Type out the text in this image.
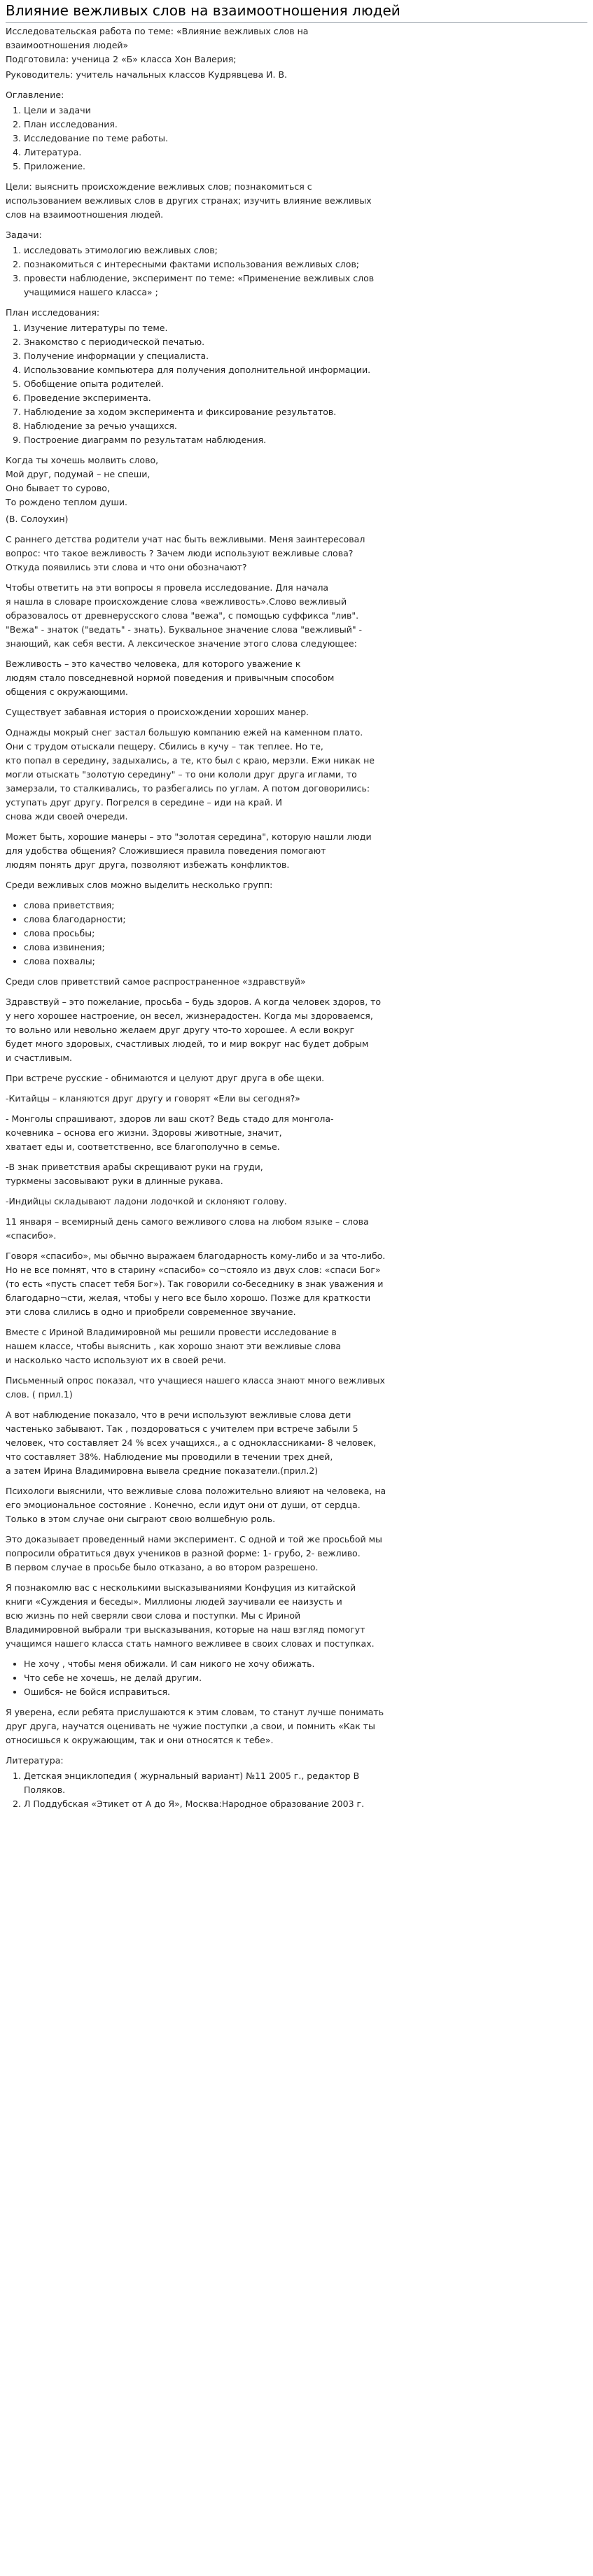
Влияние вежливых слов на взаимоотношения людей
Исследовательская работа по теме: «Влияние вежливых слов на
взаимоотношения людей»
Подготовила: ученица 2 «Б» класса Хон Валерия;
Руководитель: учитель начальных классов Кудрявцева И. В.
Оглавление:
1. Цели и задачи
2. План исследования.
3. Исследование по теме работы.
4. Литература.
5. Приложение.
Цели: выяснить происхождение вежливых слов; познакомиться с
использованием вежливых слов в других странах; изучить влияние вежливых
слов на взаимоотношения людей.
Задачи:
1. исследовать этимологию вежливых слов;
2. познакомиться с интересными фактами использования вежливых слов;
3. провести наблюдение, эксперимент по теме: «Применение вежливых слов
учащимися нашего класса» ;
План исследования:
1. Изучение литературы по теме.
2. Знакомство с периодической печатью.
3. Получение информации у специалиста.
4. Использование компьютера для получения дополнительной информации.
5. Обобщение опыта родителей.
6. Проведение эксперимента.
7. Наблюдение за ходом эксперимента и фиксирование результатов.
8. Наблюдение за речью учащихся.
9. Построение диаграмм по результатам наблюдения.
Когда ты хочешь молвить слово,
Мой друг, подумай – не спеши,
Оно бывает то сурово,
То рождено теплом души.
(В. Солоухин)
С раннего детства родители учат нас быть вежливыми. Меня заинтересовал
вопрос: что такое вежливость ? Зачем люди используют вежливые слова?
Откуда появились эти слова и что они обозначают?
Чтобы ответить на эти вопросы я провела исследование. Для начала
я нашла в словаре происхождение слова «вежливость».Слово вежливый
образовалось от древнерусского слова "вежа", с помощью суффикса "лив".
"Вежа" - знаток ("ведать" - знать). Буквальное значение слова "вежливый" -
знающий, как себя вести. А лексическое значение этого слова следующее:
Вежливость – это качество человека, для которого уважение к
людям стало повседневной нормой поведения и привычным способом
общения с окружающими.
Существует забавная история о происхождении хороших манер.
Однажды мокрый снег застал большую компанию ежей на каменном плато.
Они с трудом отыскали пещеру. Сбились в кучу – так теплее. Но те,
кто попал в середину, задыхались, а те, кто был с краю, мерзли. Ежи никак не
могли отыскать "золотую середину" – то они кололи друг друга иглами, то
замерзали, то сталкивались, то разбегались по углам. А потом договорились:
уступать друг другу. Погрелся в середине – иди на край. И
снова жди своей очереди.
Может быть, хорошие манеры – это "золотая середина", которую нашли люди
для удобства общения? Сложившиеся правила поведения помогают
людям понять друг друга, позволяют избежать конфликтов.
Среди вежливых слов можно выделить несколько групп:
• слова приветствия;
• слова благодарности;
• слова просьбы;
• слова извинения;
• слова похвалы;
Среди слов приветствий самое распространенное «здравствуй»
Здравствуй – это пожелание, просьба – будь здоров. А когда человек здоров, то
у него хорошее настроение, он весел, жизнерадостен. Когда мы здороваемся,
то вольно или невольно желаем друг другу что-то хорошее. А если вокруг
будет много здоровых, счастливых людей, то и мир вокруг нас будет добрым
и счастливым.
При встрече русские - обнимаются и целуют друг друга в обе щеки.
-Китайцы – кланяются друг другу и говорят «Ели вы сегодня?»
- Монголы спрашивают, здоров ли ваш скот? Ведь стадо для монгола-
кочевника – основа его жизни. Здоровы животные, значит,
хватает еды и, соответственно, все благополучно в семье.
-В знак приветствия арабы скрещивают руки на груди,
туркмены засовывают руки в длинные рукава.
-Индийцы складывают ладони лодочкой и склоняют голову.
11 января – всемирный день самого вежливого слова на любом языке – слова
«спасибо».
Говоря «спасибо», мы обычно выражаем благодарность кому-либо и за что-либо.
Но не все помнят, что в старину «спасибо» со¬стояло из двух слов: «спаси Бог»
(то есть «пусть спасет тебя Бог»). Так говорили со-беседнику в знак уважения и
благодарно¬сти, желая, чтобы у него все было хорошо. Позже для краткости
эти слова слились в одно и приобрели современное звучание.
Вместе с Ириной Владимировной мы решили провести исследование в
нашем классе, чтобы выяснить , как хорошо знают эти вежливые слова
и насколько часто используют их в своей речи.
Письменный опрос показал, что учащиеся нашего класса знают много вежливых
слов. ( прил.1)
А вот наблюдение показало, что в речи используют вежливые слова дети
частенько забывают. Так , поздороваться с учителем при встрече забыли 5
человек, что составляет 24 % всех учащихся., а с одноклассниками- 8 человек,
что составляет 38%. Наблюдение мы проводили в течении трех дней,
а затем Ирина Владимировна вывела средние показатели.(прил.2)
Психологи выяснили, что вежливые слова положительно влияют на человека, на
его эмоциональное состояние . Конечно, если идут они от души, от сердца.
Только в этом случае они сыграют свою волшебную роль.
Это доказывает проведенный нами эксперимент. С одной и той же просьбой мы
попросили обратиться двух учеников в разной форме: 1- грубо, 2- вежливо.
В первом случае в просьбе было отказано, а во втором разрешено.
Я познакомлю вас с несколькими высказываниями Конфуция из китайской
книги «Суждения и беседы». Миллионы людей заучивали ее наизусть и
всю жизнь по ней сверяли свои слова и поступки. Мы с Ириной
Владимировной выбрали три высказывания, которые на наш взгляд помогут
учащимся нашего класса стать намного вежливее в своих словах и поступках.
• Не хочу , чтобы меня обижали. И сам никого не хочу обижать.
• Что себе не хочешь, не делай другим.
• Ошибся- не бойся исправиться.
Я уверена, если ребята прислушаются к этим словам, то станут лучше понимать
друг друга, научатся оценивать не чужие поступки ,а свои, и помнить «Как ты
относишься к окружающим, так и они относятся к тебе».
Литература:
1. Детская энциклопедия ( журнальный вариант) №11 2005 г., редактор В
Поляков.
2. Л Поддубская «Этикет от А до Я», Москва:Народное образование 2003 г.
